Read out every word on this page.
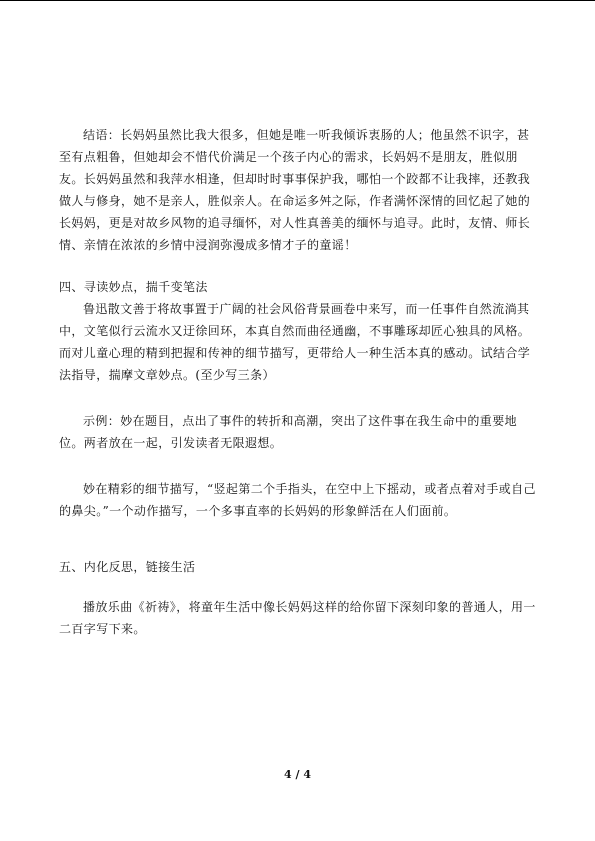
结语：长妈妈虽然比我大很多，但她是唯一听我倾诉衷肠的人；他虽然不识字，甚至有点粗鲁，但她却会不惜代价满足一个孩子内心的需求，长妈妈不是朋友，胜似朋友。长妈妈虽然和我萍水相逢，但却时时事事保护我，哪怕一个跤都不让我摔，还教我做人与修身，她不是亲人，胜似亲人。在命运多舛之际，作者满怀深情的回忆起了她的长妈妈，更是对故乡风物的追寻缅怀，对人性真善美的缅怀与追寻。此时，友情、师长情、亲情在浓浓的乡情中浸润弥漫成多情才子的童谣！

四、寻读妙点，揣千变笔法

鲁迅散文善于将故事置于广阔的社会风俗背景画卷中来写，而一任事件自然流淌其中，文笔似行云流水又迂徐回环，本真自然而曲径通幽，不事雕琢却匠心独具的风格。而对儿童心理的精到把握和传神的细节描写，更带给人一种生活本真的感动。试结合学法指导，揣摩文章妙点。(至少写三条）

示例：妙在题目，点出了事件的转折和高潮，突出了这件事在我生命中的重要地位。两者放在一起，引发读者无限遐想。

妙在精彩的细节描写，“竖起第二个手指头，在空中上下摇动，或者点着对手或自己的鼻尖。”一个动作描写，一个多事直率的长妈妈的形象鲜活在人们面前。

五、内化反思，链接生活

播放乐曲《祈祷》，将童年生活中像长妈妈这样的给你留下深刻印象的普通人，用一二百字写下来。

4 / 4
